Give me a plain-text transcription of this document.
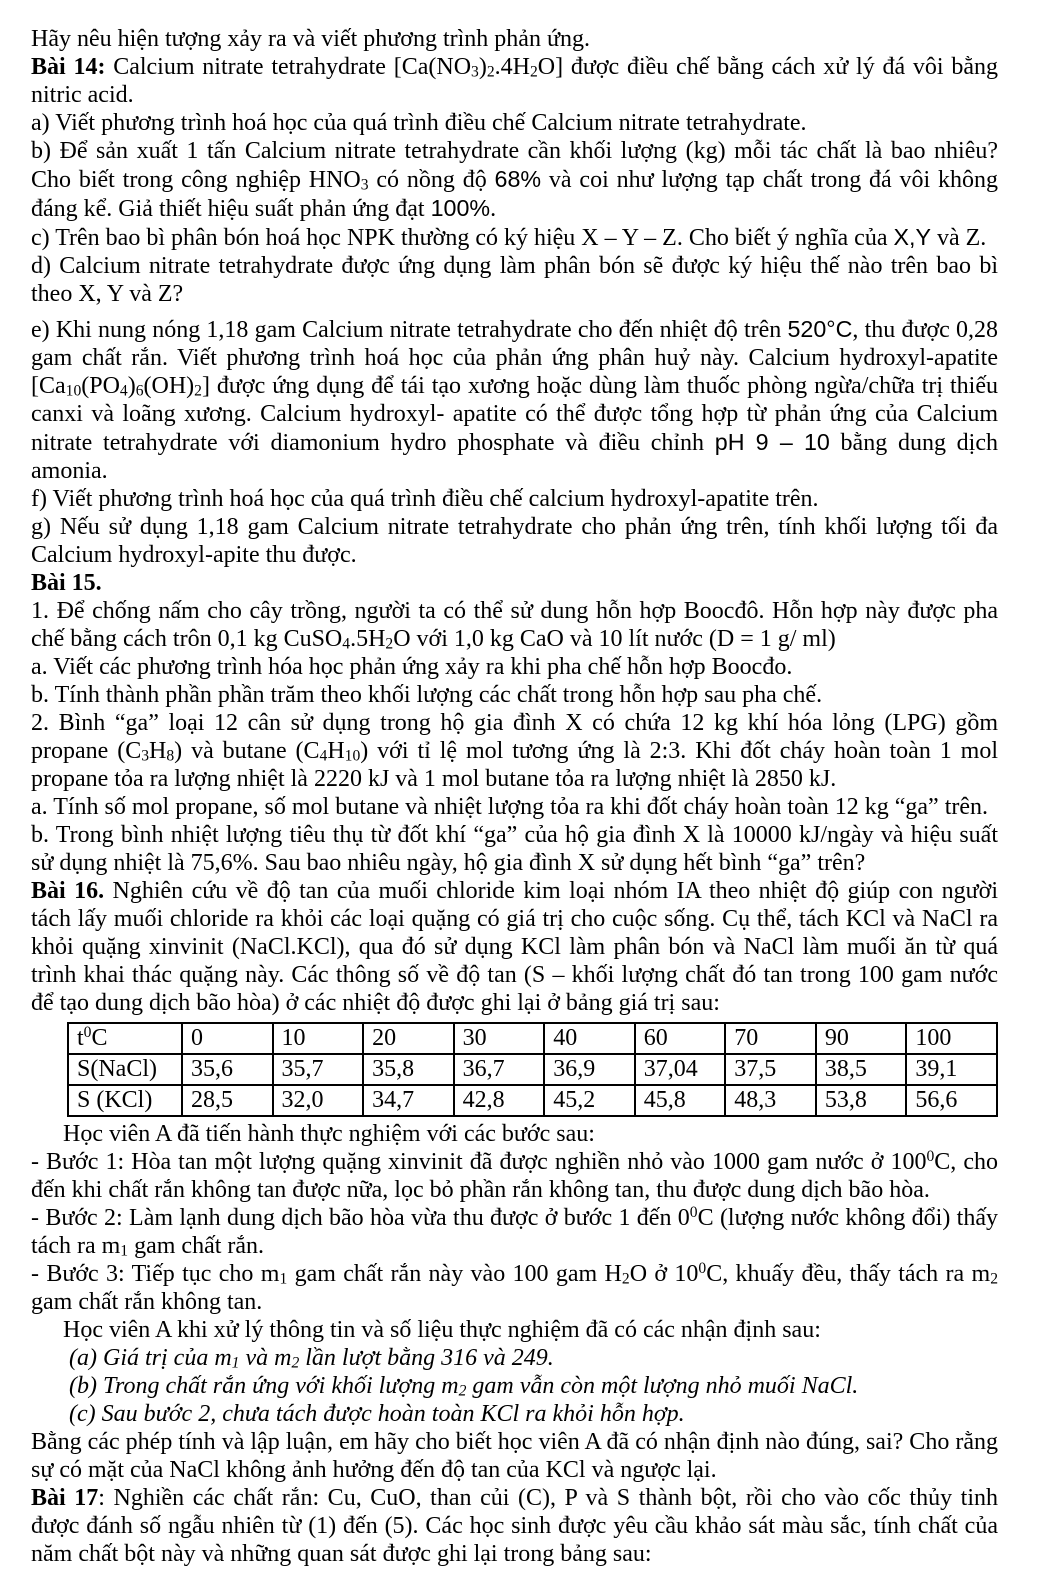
Hãy nêu hiện tượng xảy ra và viết phương trình phản ứng.

Bài 14: Calcium nitrate tetrahydrate [Ca(NO3)2.4H2O] được điều chế bằng cách xử lý đá vôi bằng nitric acid.

a) Viết phương trình hoá học của quá trình điều chế Calcium nitrate tetrahydrate.

b) Để sản xuất 1 tấn Calcium nitrate tetrahydrate cần khối lượng (kg) mỗi tác chất là bao nhiêu? Cho biết trong công nghiệp HNO3 có nồng độ 68% và coi như lượng tạp chất trong đá vôi không đáng kể. Giả thiết hiệu suất phản ứng đạt 100%.

c) Trên bao bì phân bón hoá học NPK thường có ký hiệu X – Y – Z. Cho biết ý nghĩa của X,Y và Z.

d) Calcium nitrate tetrahydrate được ứng dụng làm phân bón sẽ được ký hiệu thế nào trên bao bì theo X, Y và Z?

e) Khi nung nóng 1,18 gam Calcium nitrate tetrahydrate cho đến nhiệt độ trên 520°C, thu được 0,28 gam chất rắn. Viết phương trình hoá học của phản ứng phân huỷ này. Calcium hydroxyl-apatite [Ca10(PO4)6(OH)2] được ứng dụng để tái tạo xương hoặc dùng làm thuốc phòng ngừa/chữa trị thiếu canxi và loãng xương. Calcium hydroxyl- apatite có thể được tổng hợp từ phản ứng của Calcium nitrate tetrahydrate với diamonium hydro phosphate và điều chỉnh pH 9 – 10 bằng dung dịch amonia.

f) Viết phương trình hoá học của quá trình điều chế calcium hydroxyl-apatite trên.

g) Nếu sử dụng 1,18 gam Calcium nitrate tetrahydrate cho phản ứng trên, tính khối lượng tối đa Calcium hydroxyl-apite thu được.

Bài 15.

1. Để chống nấm cho cây trồng, người ta có thể sử dung hỗn hợp Boocđô. Hỗn hợp này được pha chế bằng cách trôn 0,1 kg CuSO4.5H2O với 1,0 kg CaO và 10 lít nước (D = 1 g/ ml)

a. Viết các phương trình hóa học phản ứng xảy ra khi pha chế hỗn hợp Boocđo.

b. Tính thành phần phần trăm theo khối lượng các chất trong hỗn hợp sau pha chế.

2. Bình “ga” loại 12 cân sử dụng trong hộ gia đình X có chứa 12 kg khí hóa lỏng (LPG) gồm propane (C3H8) và butane (C4H10) với tỉ lệ mol tương ứng là 2:3. Khi đốt cháy hoàn toàn 1 mol propane tỏa ra lượng nhiệt là 2220 kJ và 1 mol butane tỏa ra lượng nhiệt là 2850 kJ.

a. Tính số mol propane, số mol butane và nhiệt lượng tỏa ra khi đốt cháy hoàn toàn 12 kg “ga” trên.

b. Trong bình nhiệt lượng tiêu thụ từ đốt khí “ga” của hộ gia đình X là 10000 kJ/ngày và hiệu suất sử dụng nhiệt là 75,6%. Sau bao nhiêu ngày, hộ gia đình X sử dụng hết bình “ga” trên?

Bài 16. Nghiên cứu về độ tan của muối chloride kim loại nhóm IA theo nhiệt độ giúp con người tách lấy muối chloride ra khỏi các loại quặng có giá trị cho cuộc sống. Cụ thể, tách KCl và NaCl ra khỏi quặng xinvinit (NaCl.KCl), qua đó sử dụng KCl làm phân bón và NaCl làm muối ăn từ quá trình khai thác quặng này. Các thông số về độ tan (S – khối lượng chất đó tan trong 100 gam nước để tạo dung dịch bão hòa) ở các nhiệt độ được ghi lại ở bảng giá trị sau:

$t^0C$	0	10	20	30	40	60	70	90	100
S(NaCl)	35,6	35,7	35,8	36,7	36,9	37,04	37,5	38,5	39,1
S (KCl)	28,5	32,0	34,7	42,8	45,2	45,8	48,3	53,8	56,6

Học viên A đã tiến hành thực nghiệm với các bước sau:

- Bước 1: Hòa tan một lượng quặng xinvinit đã được nghiền nhỏ vào 1000 gam nước ở $100^0C$, cho đến khi chất rắn không tan được nữa, lọc bỏ phần rắn không tan, thu được dung dịch bão hòa.

- Bước 2: Làm lạnh dung dịch bão hòa vừa thu được ở bước 1 đến $0^0C$ (lượng nước không đổi) thấy tách ra m1 gam chất rắn.

- Bước 3: Tiếp tục cho m1 gam chất rắn này vào 100 gam H2O ở $10^0C$, khuấy đều, thấy tách ra m2 gam chất rắn không tan.

Học viên A khi xử lý thông tin và số liệu thực nghiệm đã có các nhận định sau:

(a) Giá trị của m1 và m2 lần lượt bằng 316 và 249.

(b) Trong chất rắn ứng với khối lượng m2 gam vẫn còn một lượng nhỏ muối NaCl.

(c) Sau bước 2, chưa tách được hoàn toàn KCl ra khỏi hỗn hợp.

Bằng các phép tính và lập luận, em hãy cho biết học viên A đã có nhận định nào đúng, sai? Cho rằng sự có mặt của NaCl không ảnh hưởng đến độ tan của KCl và ngược lại.

Bài 17: Nghiền các chất rắn: Cu, CuO, than củi (C), P và S thành bột, rồi cho vào cốc thủy tinh được đánh số ngẫu nhiên từ (1) đến (5). Các học sinh được yêu cầu khảo sát màu sắc, tính chất của năm chất bột này và những quan sát được ghi lại trong bảng sau:
